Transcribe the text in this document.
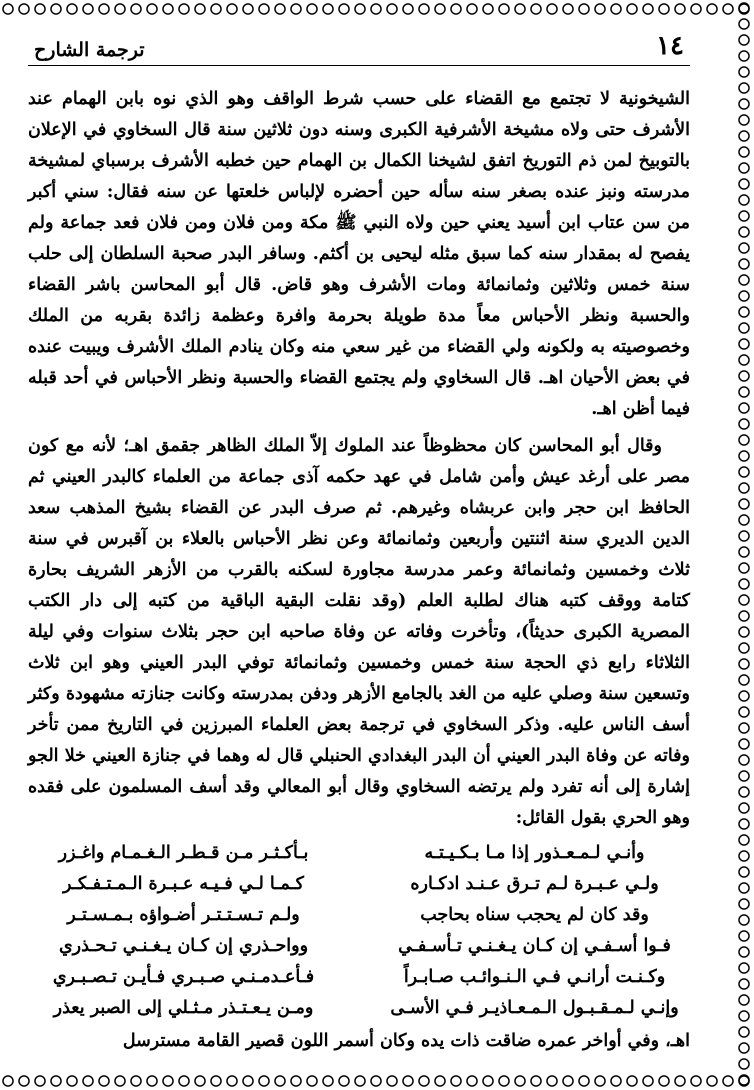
١٤
ترجمة الشارح

الشيخونية لا تجتمع مع القضاء على حسب شرط الواقف وهو الذي نوه بابن الهمام عند الأشرف حتى ولاه مشيخة الأشرفية الكبرى وسنه دون ثلاثين سنة قال السخاوي في الإعلان بالتوبيخ لمن ذم التوريخ اتفق لشيخنا الكمال بن الهمام حين خطبه الأشرف برسباي لمشيخة مدرسته ونبز عنده بصغر سنه سأله حين أحضره لإلباس خلعتها عن سنه فقال: سني أكبر من سن عتاب ابن أسيد يعني حين ولاه النبي ﷺ مكة ومن فلان ومن فلان فعد جماعة ولم يفصح له بمقدار سنه كما سبق مثله ليحيى بن أكثم. وسافر البدر صحبة السلطان إلى حلب سنة خمس وثلاثين وثمانمائة ومات الأشرف وهو قاض. قال أبو المحاسن باشر القضاء والحسبة ونظر الأحباس معاً مدة طويلة بحرمة وافرة وعظمة زائدة بقربه من الملك وخصوصيته به ولكونه ولي القضاء من غير سعي منه وكان ينادم الملك الأشرف ويبيت عنده في بعض الأحيان اهـ. قال السخاوي ولم يجتمع القضاء والحسبة ونظر الأحباس في أحد قبله فيما أظن اهـ.

وقال أبو المحاسن كان محظوظاً عند الملوك إلاّ الملك الظاهر جقمق اهـ؛ لأنه مع كون مصر على أرغد عيش وأمن شامل في عهد حكمه آذى جماعة من العلماء كالبدر العيني ثم الحافظ ابن حجر وابن عربشاه وغيرهم. ثم صرف البدر عن القضاء بشيخ المذهب سعد الدين الديري سنة اثنتين وأربعين وثمانمائة وعن نظر الأحباس بالعلاء بن آقبرس في سنة ثلاث وخمسين وثمانمائة وعمر مدرسة مجاورة لسكنه بالقرب من الأزهر الشريف بحارة كتامة ووقف كتبه هناك لطلبة العلم (وقد نقلت البقية الباقية من كتبه إلى دار الكتب المصرية الكبرى حديثاً)، وتأخرت وفاته عن وفاة صاحبه ابن حجر بثلاث سنوات وفي ليلة الثلاثاء رابع ذي الحجة سنة خمس وخمسين وثمانمائة توفي البدر العيني وهو ابن ثلاث وتسعين سنة وصلي عليه من الغد بالجامع الأزهر ودفن بمدرسته وكانت جنازته مشهودة وكثر أسف الناس عليه. وذكر السخاوي في ترجمة بعض العلماء المبرزين في التاريخ ممن تأخر وفاته عن وفاة البدر العيني أن البدر البغدادي الحنبلي قال له وهما في جنازة العيني خلا الجو إشارة إلى أنه تفرد ولم يرتضه السخاوي وقال أبو المعالي وقد أسف المسلمون على فقده وهو الحري بقول القائل:

وأنـي لـمـعـذور إذا مـا بـكـيـتـه
بـأكـثـر مـن قـطـر الـغـمـام واغـزر
ولـي عـبـرة لـم تـرق عـنـد ادكـاره
كـمـا لـي فـيـه عـبـرة الـمـتـفـكـر
وقد كان لم يحجب سناه بحاجب
ولـم تـسـتـتـر أضـواؤه بـمـسـتـر
فـوا أسـفـي إن كـان يـغـنـي تـأسـفـي
وواحـذري إن كـان يـغـنـي تـحـذري
وكـنـت أرانـي فـي الـنـوائـب صـابـراً
فـأعـدمـنـي صـبـري فـأيـن تـصـبـري
وإنـي لـمـقـبـول الـمـعـاذيـر فـي الأسـى
ومـن يـعـتـذر مـثـلي إلى الصبر يعذر
اهـ، وفي أواخر عمره ضاقت ذات يده وكان أسمر اللون قصير القامة مسترسل
